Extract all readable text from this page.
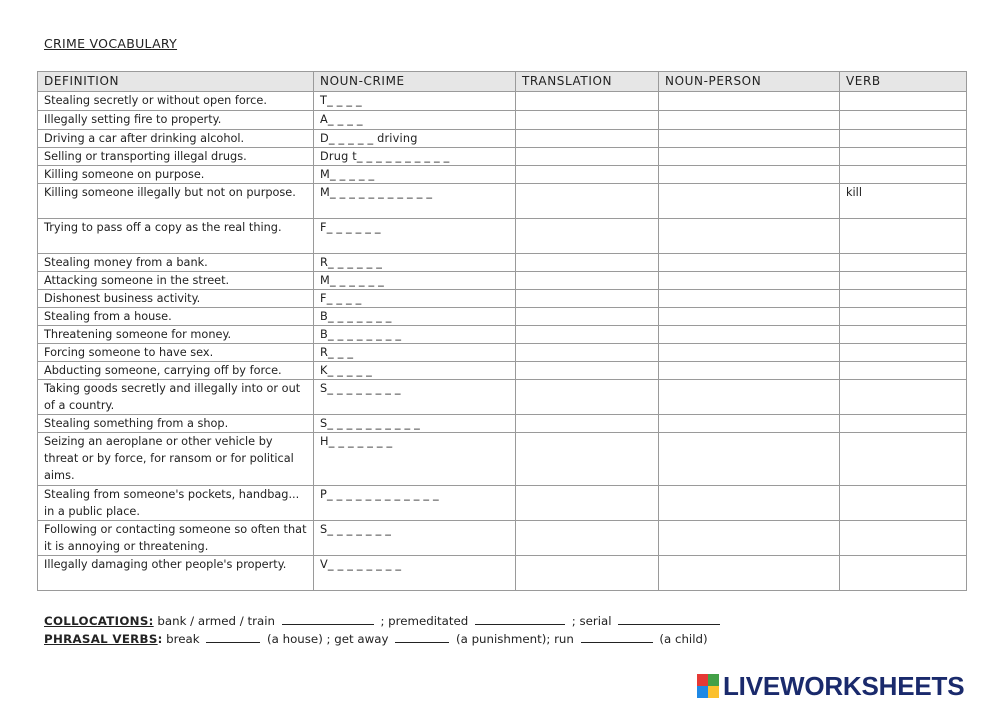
CRIME VOCABULARY
DEFINITION	NOUN-CRIME	TRANSLATION	NOUN-PERSON	VERB
Stealing secretly or without open force.	T_ _ _ _			
Illegally setting fire to property.	A_ _ _ _			
Driving a car after drinking alcohol.	D_ _ _ _ _ driving			
Selling or transporting illegal drugs.	Drug t_ _ _ _ _ _ _ _ _ _			
Killing someone on purpose.	M_ _ _ _ _			
Killing someone illegally but not on purpose.	M_ _ _ _ _ _ _ _ _ _ _			kill
Trying to pass off a copy as the real thing.	F_ _ _ _ _ _			
Stealing money from a bank.	R_ _ _ _ _ _			
Attacking someone in the street.	M_ _ _ _ _ _			
Dishonest business activity.	F_ _ _ _			
Stealing from a house.	B_ _ _ _ _ _ _			
Threatening someone for money.	B_ _ _ _ _ _ _ _			
Forcing someone to have sex.	R_ _ _			
Abducting someone, carrying off by force.	K_ _ _ _ _			
Taking goods secretly and illegally into or out of a country.	S_ _ _ _ _ _ _ _			
Stealing something from a shop.	S_ _ _ _ _ _ _ _ _ _			
Seizing an aeroplane or other vehicle by threat or by force, for ransom or for political aims.	H_ _ _ _ _ _ _			
Stealing from someone's pockets, handbag... in a public place.	P_ _ _ _ _ _ _ _ _ _ _ _			
Following or contacting someone so often that it is annoying or threatening.	S_ _ _ _ _ _ _			
Illegally damaging other people's property.	V_ _ _ _ _ _ _ _			
COLLOCATIONS: bank / armed / train	; premeditated	; serial
PHRASAL VERBS: break	(a house) ; get away	(a punishment); run	(a child)
LIVEWORKSHEETS
